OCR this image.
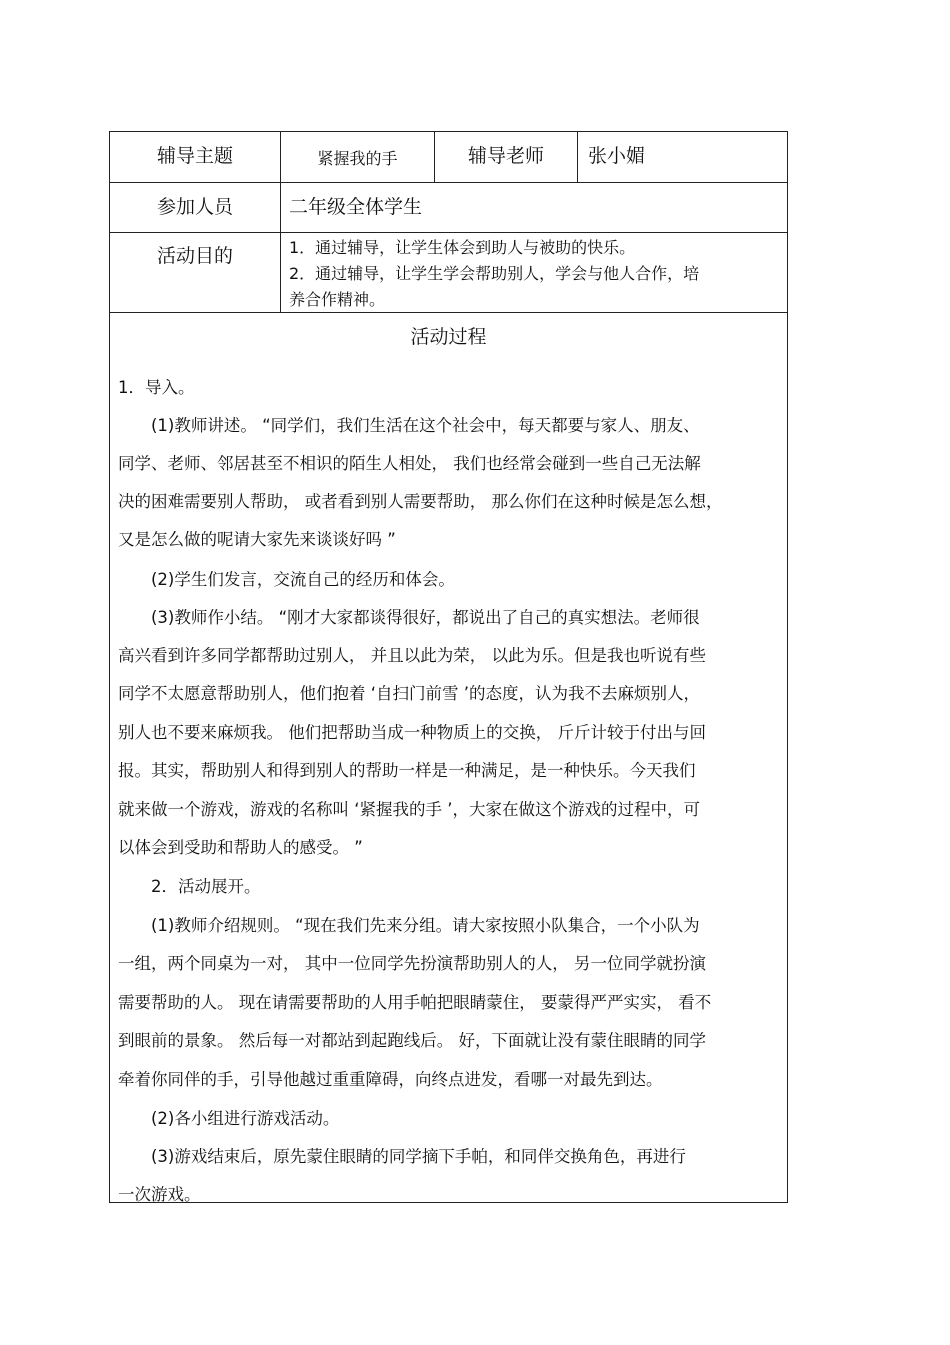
辅导主题	紧握我的手	辅导老师	张小媚
参加人员	二年级全体学生
活动目的	1．通过辅导，让学生体会到助人与被助的快乐。
2．通过辅导，让学生学会帮助别人，学会与他人合作，培
养合作精神。
活动过程
1．导入。
　　(1)教师讲述。 “同学们，我们生活在这个社会中，每天都要与家人、朋友、
同学、老师、邻居甚至不相识的陌生人相处， 我们也经常会碰到一些自己无法解
决的困难需要别人帮助， 或者看到别人需要帮助， 那么你们在这种时候是怎么想，
又是怎么做的呢请大家先来谈谈好吗 ”
　　(2)学生们发言，交流自己的经历和体会。
　　(3)教师作小结。 “刚才大家都谈得很好，都说出了自己的真实想法。老师很
高兴看到许多同学都帮助过别人， 并且以此为荣， 以此为乐。但是我也听说有些
同学不太愿意帮助别人，他们抱着 ‘自扫门前雪 ’的态度，认为我不去麻烦别人，
别人也不要来麻烦我。 他们把帮助当成一种物质上的交换， 斤斤计较于付出与回
报。其实，帮助别人和得到别人的帮助一样是一种满足，是一种快乐。今天我们
就来做一个游戏，游戏的名称叫 ‘紧握我的手 ’，大家在做这个游戏的过程中，可
以体会到受助和帮助人的感受。 ”
　　2．活动展开。
　　(1)教师介绍规则。 “现在我们先来分组。请大家按照小队集合，一个小队为
一组，两个同桌为一对， 其中一位同学先扮演帮助别人的人， 另一位同学就扮演
需要帮助的人。 现在请需要帮助的人用手帕把眼睛蒙住， 要蒙得严严实实， 看不
到眼前的景象。 然后每一对都站到起跑线后。 好，下面就让没有蒙住眼睛的同学
牵着你同伴的手，引导他越过重重障碍，向终点进发，看哪一对最先到达。
　　(2)各小组进行游戏活动。
　　(3)游戏结束后，原先蒙住眼睛的同学摘下手帕，和同伴交换角色，再进行
一次游戏。
